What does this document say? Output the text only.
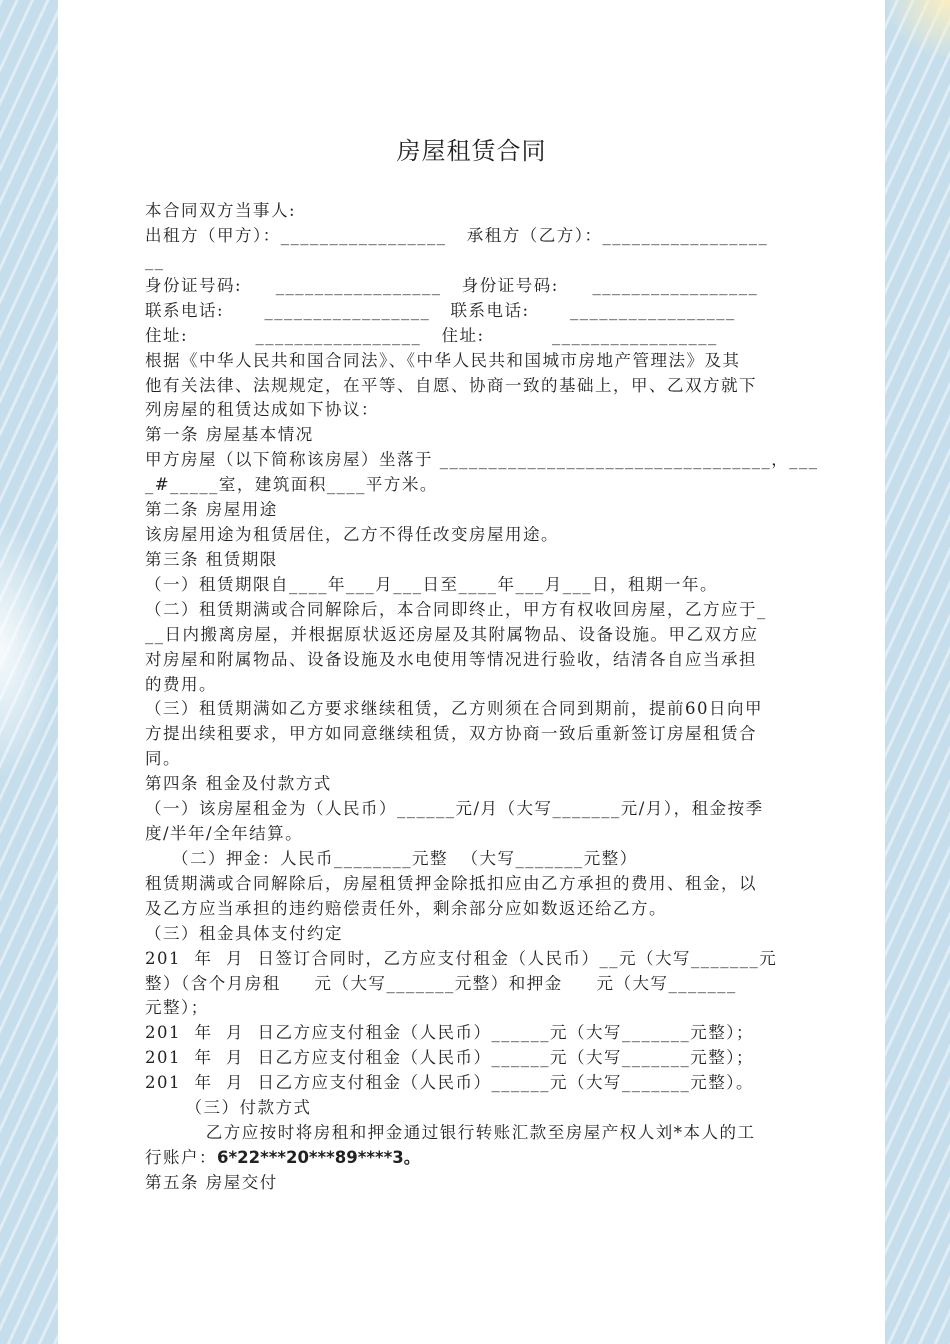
房屋租赁合同
本合同双方当事人:
出租方（甲方）：_________________   承租方（乙方）：_________________
__
身份证号码:     _________________   身份证号码:     _________________
联系电话:      _________________   联系电话:      _________________
住址:          _________________   住址:          _________________
根据《中华人民共和国合同法》、《中华人民共和国城市房地产管理法》及其
他有关法律、法规规定，在平等、自愿、协商一致的基础上，甲、乙双方就下
列房屋的租赁达成如下协议：
第一条 房屋基本情况
甲方房屋（以下简称该房屋）坐落于 __________________________________，___
_#_____室，建筑面积____平方米。
第二条 房屋用途
该房屋用途为租赁居住，乙方不得任改变房屋用途。
第三条 租赁期限
（一）租赁期限自____年___月___日至____年___月___日，租期一年。
（二）租赁期满或合同解除后，本合同即终止，甲方有权收回房屋，乙方应于_
__日内搬离房屋，并根据原状返还房屋及其附属物品、设备设施。甲乙双方应
对房屋和附属物品、设备设施及水电使用等情况进行验收，结清各自应当承担
的费用。
（三）租赁期满如乙方要求继续租赁，乙方则须在合同到期前，提前60日向甲
方提出续租要求，甲方如同意继续租赁，双方协商一致后重新签订房屋租赁合
同。
第四条 租金及付款方式
（一）该房屋租金为（人民币）______元/月（大写_______元/月），租金按季
度/半年/全年结算。
（二）押金：人民币________元整  （大写_______元整）
租赁期满或合同解除后，房屋租赁押金除抵扣应由乙方承担的费用、租金，以
及乙方应当承担的违约赔偿责任外，剩余部分应如数返还给乙方。
（三）租金具体支付约定
201  年  月  日签订合同时，乙方应支付租金（人民币）__元（大写_______元
整）（含个月房租     元（大写_______元整）和押金     元（大写_______
元整）；
201  年  月  日乙方应支付租金（人民币）______元（大写_______元整）；
201  年  月  日乙方应支付租金（人民币）______元（大写_______元整）；
201  年  月  日乙方应支付租金（人民币）______元（大写_______元整）。
（三）付款方式
乙方应按时将房租和押金通过银行转账汇款至房屋产权人刘*本人的工
行账户：6*22***20***89****3。
第五条 房屋交付
